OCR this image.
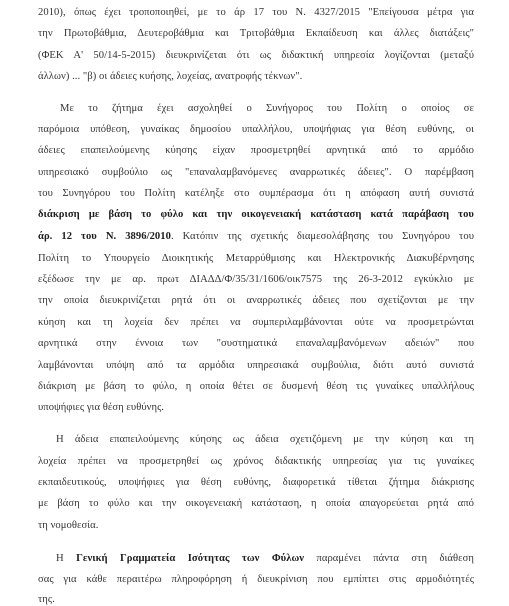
2010), όπως έχει τροποποιηθεί, με το άρ 17 του Ν. 4327/2015 "Επείγουσα μέτρα για
την Πρωτοβάθμια, Δευτεροβάθμια και Τριτοβάθμια Εκπαίδευση και άλλες διατάξεις"
(ΦΕΚ Α' 50/14-5-2015) διευκρινίζεται ότι ως διδακτική υπηρεσία λογίζονται (μεταξύ
άλλων) ... "β) οι άδειες κυήσης, λοχείας, ανατροφής τέκνων".
Με το ζήτημα έχει ασχοληθεί ο Συνήγορος του Πολίτη ο οποίος σε
παρόμοια υπόθεση, γυναίκας δημοσίου υπαλλήλου, υποψήφιας για θέση ευθύνης, οι
άδειες επαπειλούμενης κύησης είχαν προσμετρηθεί αρνητικά από το αρμόδιο
υπηρεσιακό συμβούλιο ως "επαναλαμβανόμενες αναρρωτικές άδειες". Ο παρέμβαση
του Συνηγόρου του Πολίτη κατέληξε στο συμπέρασμα ότι η απόφαση αυτή συνιστά
διάκριση με βάση το φύλο και την οικογενειακή κατάσταση κατά παράβαση του
άρ. 12 του Ν. 3896/2010. Κατόπιν της σχετικής διαμεσολάβησης του Συνηγόρου του
Πολίτη το Υπουργείο Διοικητικής Μεταρρύθμισης και Ηλεκτρονικής Διακυβέρνησης
εξέδωσε την με αρ. πρωτ ΔΙΑΔΔ/Φ/35/31/1606/οικ7575 της 26-3-2012 εγκύκλιο με
την οποία διευκρινίζεται ρητά ότι οι αναρρωτικές άδειες που σχετίζονται με την
κύηση και τη λοχεία δεν πρέπει να συμπεριλαμβάνονται ούτε να προσμετρώνται
αρνητικά στην έννοια των "συστηματικά επαναλαμβανόμενων αδειών" που
λαμβάνονται υπόψη από τα αρμόδια υπηρεσιακά συμβούλια, διότι αυτό συνιστά
διάκριση με βάση το φύλο, η οποία θέτει σε δυσμενή θέση τις γυναίκες υπαλλήλους
υποψήφιες για θέση ευθύνης.
Η άδεια επαπειλούμενης κύησης ως άδεια σχετιζόμενη με την κύηση και τη
λοχεία πρέπει να προσμετρηθεί ως χρόνος διδακτικής υπηρεσίας για τις γυναίκες
εκπαιδευτικούς, υποψήφιες για θέση ευθύνης, διαφορετικά τίθεται ζήτημα διάκρισης
με βάση το φύλο και την οικογενειακή κατάσταση, η οποία απαγορεύεται ρητά από
τη νομοθεσία.
Η Γενική Γραμματεία Ισότητας των Φύλων παραμένει πάντα στη διάθεση
σας για κάθε περαιτέρω πληροφόρηση ή διευκρίνιση που εμπίπτει στις αρμοδιότητές
της.
